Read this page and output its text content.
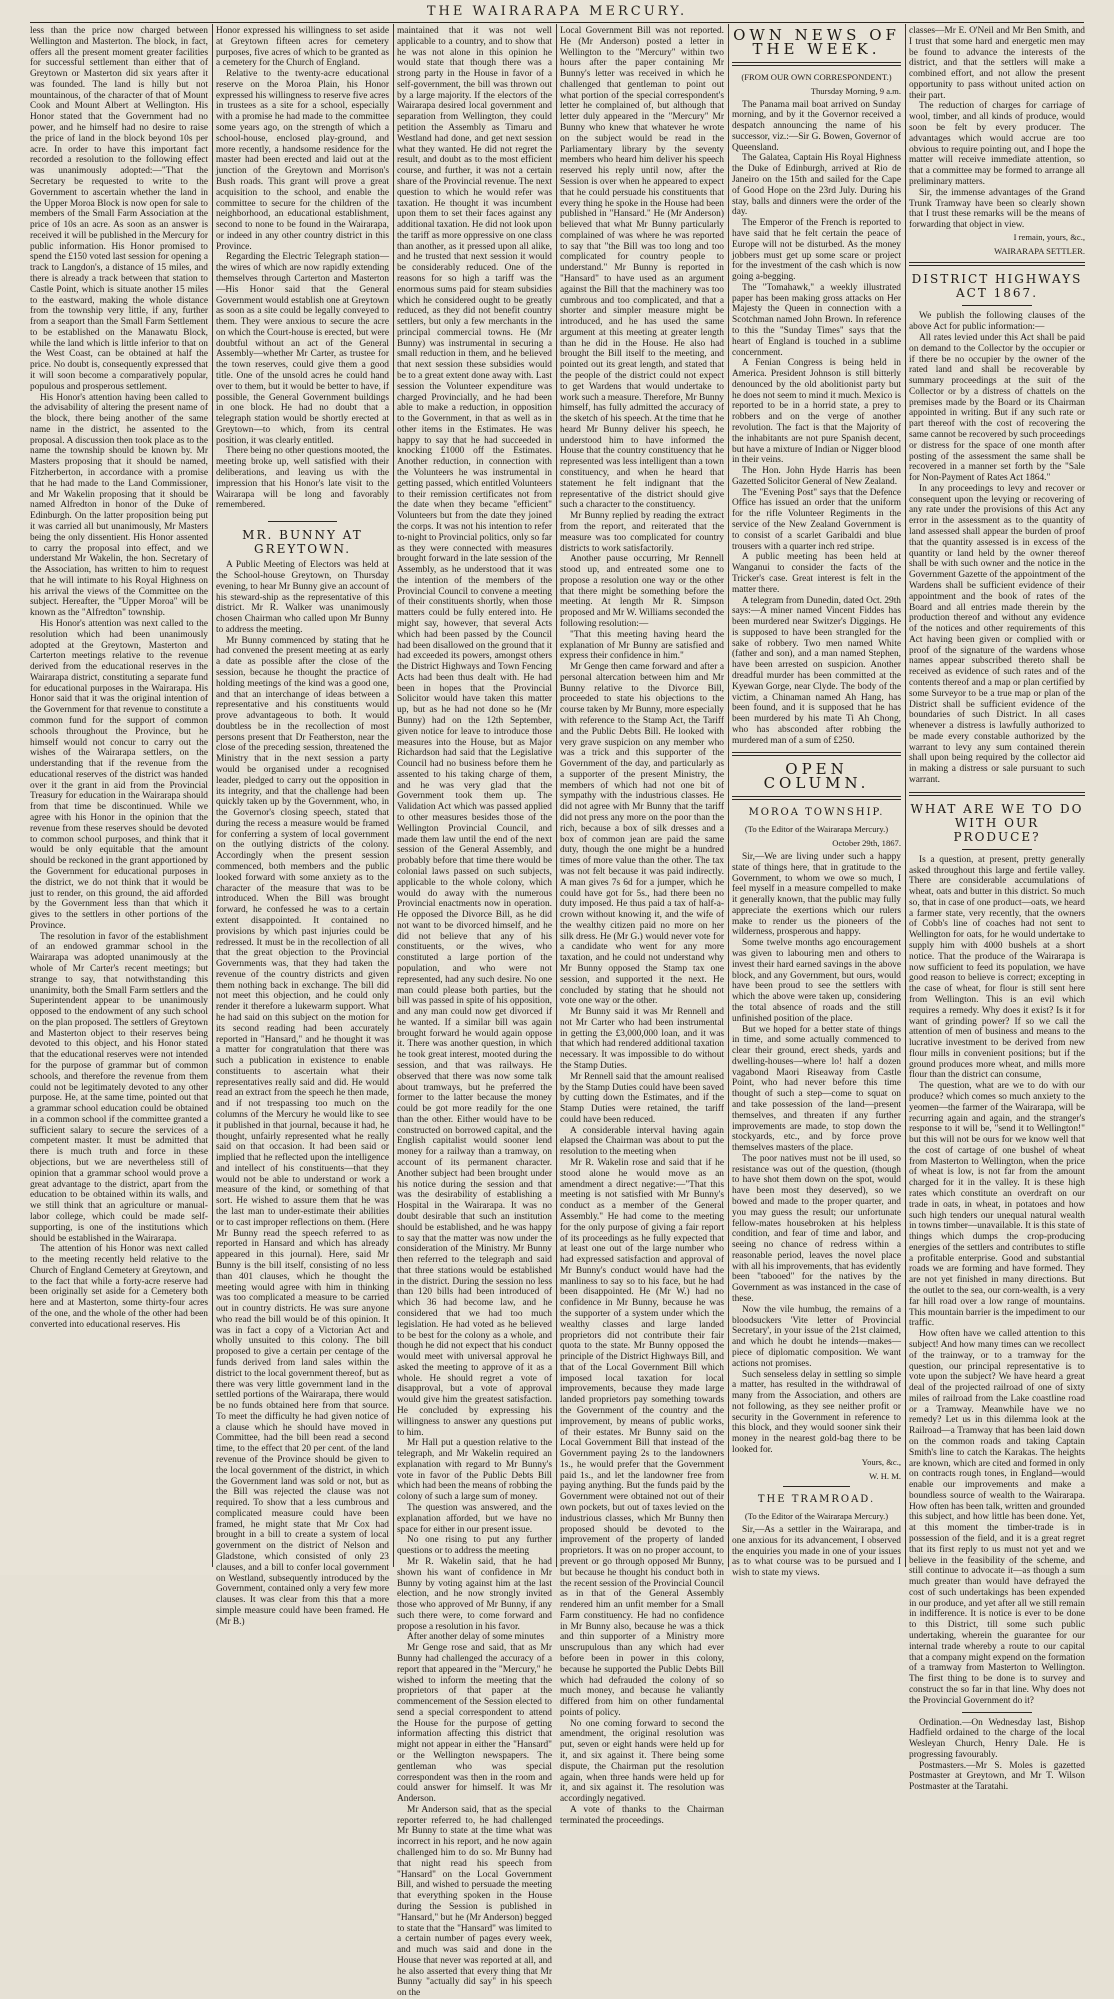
THE WAIRARAPA MERCURY.

less than the price now charged between Wellington and Masterton. The block, in fact, offers all the present moment greater facilities for successful settlement than either that of Greytown or Masterton did six years after it was founded. The land is hilly but not mountainous, of the character of that of Mount Cook and Mount Albert at Wellington. His Honor stated that the Government had no power, and he himself had no desire to raise the price of land in the block beyond 10s per acre. In order to have this important fact recorded a resolution to the following effect was unanimously adopted:—"That the Secretary be requested to write to the Government to ascertain whether the land in the Upper Moroa Block is now open for sale to members of the Small Farm Association at the price of 10s an acre. As soon as an answer is received it will be published in the Mercury for public information. His Honor promised to spend the £150 voted last session for opening a track to Langdon's, a distance of 15 miles, and there is already a track between that station to Castle Point, which is situate another 15 miles to the eastward, making the whole distance from the township very little, if any, further from a seaport than the Small Farm Settlement to be established on the Manawatu Block, while the land which is little inferior to that on the West Coast, can be obtained at half the price. No doubt is, consequently expressed that it will soon become a comparatively popular, populous and prosperous settlement.

His Honor's attention having been called to the advisability of altering the present name of the block, there being another of the same name in the district, he assented to the proposal. A discussion then took place as to the name the township should be known by. Mr Masters proposing that it should be named, Fitzherberton, in accordance with a promise that he had made to the Land Commissioner, and Mr Wakelin proposing that it should be named Alfredton in honor of the Duke of Edinburgh. On the latter proposition being put it was carried all but unanimously, Mr Masters being the only dissentient. His Honor assented to carry the proposal into effect, and we understand Mr Wakelin, the hon. Secretary of the Association, has written to him to request that he will intimate to his Royal Highness on his arrival the views of the Committee on the subject. Hereafter, the "Upper Moroa" will be known as the "Alfredton" township.

His Honor's attention was next called to the resolution which had been unanimously adopted at the Greytown, Masterton and Carterton meetings relative to the revenue derived from the educational reserves in the Wairarapa district, constituting a separate fund for educational purposes in the Wairarapa. His Honor said that it was the original intention of the Government for that revenue to constitute a common fund for the support of common schools throughout the Province, but he himself would not concur to carry out the wishes of the Wairarapa settlers, on the understanding that if the revenue from the educational reserves of the district was handed over it the grant in aid from the Provincial Treasury for education in the Wairarapa should from that time be discontinued. While we agree with his Honor in the opinion that the revenue from these reserves should be devoted to common school purposes, and think that it would be only equitable that the amount should be reckoned in the grant apportioned by the Government for educational purposes in the district, we do not think that it would be just to render, on this ground, the aid afforded by the Government less than that which it gives to the settlers in other portions of the Province.

The resolution in favor of the establishment of an endowed grammar school in the Wairarapa was adopted unanimously at the whole of Mr Carter's recent meetings; but strange to say, that notwithstanding this unanimity, both the Small Farm settlers and the Superintendent appear to be unanimously opposed to the endowment of any such school on the plan proposed. The settlers of Greytown and Masterton object to their reserves being devoted to this object, and his Honor stated that the educational reserves were not intended for the purpose of grammar but of common schools, and therefore the revenue from them could not be legitimately devoted to any other purpose. He, at the same time, pointed out that a grammar school education could be obtained in a common school if the committee granted a sufficient salary to secure the services of a competent master. It must be admitted that there is much truth and force in these objections, but we are nevertheless still of opinion that a grammar school would prove a great advantage to the district, apart from the education to be obtained within its walls, and we still think that an agriculture or manual-labor college, which could be made self-supporting, is one of the institutions which should be established in the Wairarapa.

The attention of his Honor was next called to the meeting recently held relative to the Church of England Cemetery at Greytown, and to the fact that while a forty-acre reserve had been originally set aside for a Cemetery both here and at Masterton, some thirty-four acres of the one, and the whole of the other had been converted into educational reserves. His

Honor expressed his willingness to set aside at Greytown fifteen acres for cemetery purposes, five acres of which to be granted as a cemetery for the Church of England.

Relative to the twenty-acre educational reserve on the Moroa Plain, his Honor expressed his willingness to reserve five acres in trustees as a site for a school, especially with a promise he had made to the committee some years ago, on the strength of which a school-house, enclosed play-ground, and more recently, a handsome residence for the master had been erected and laid out at the junction of the Greytown and Morrison's Bush roads. This grant will prove a great acquisition to the school, and enable the committee to secure for the children of the neighborhood, an educational establishment, second to none to be found in the Wairarapa, or indeed in any other country district in this Province.

Regarding the Electric Telegraph station—the wires of which are now rapidly extending themselves through Carterton and Masterton—His Honor said that the General Government would establish one at Greytown as soon as a site could be legally conveyed to them. They were anxious to secure the acre on which the Court-house is erected, but were doubtful without an act of the General Assembly—whether Mr Carter, as trustee for the town reserves, could give them a good title. One of the unsold acres he could hand over to them, but it would be better to have, if possible, the General Government buildings in one block. He had no doubt that a telegraph station would be shortly erected at Greytown—to which, from its central position, it was clearly entitled.

There being no other questions mooted, the meeting broke up, well satisfied with their deliberations, and leaving us with the impression that his Honor's late visit to the Wairarapa will be long and favorably remembered.

MR. BUNNY AT GREYTOWN.

A Public Meeting of Electors was held at the School-house Greytown, on Thursday evening, to hear Mr Bunny give an account of his steward-ship as the representative of this district. Mr R. Walker was unanimously chosen Chairman who called upon Mr Bunny to address the meeting.

Mr Bunny commenced by stating that he had convened the present meeting at as early a date as possible after the close of the session, because he thought the practice of holding meetings of the kind was a good one, and that an interchange of ideas between a representative and his constituents would prove advantageous to both. It would doubtless be in the recollection of most persons present that Dr Featherston, near the close of the preceding session, threatened the Ministry that in the next session a party would be organised under a recognised leader, pledged to carry out the opposition in its integrity, and that the challenge had been quickly taken up by the Government, who, in the Governor's closing speech, stated that during the recess a measure would be framed for conferring a system of local government on the outlying districts of the colony. Accordingly when the present session commenced, both members and the public looked forward with some anxiety as to the character of the measure that was to be introduced. When the Bill was brought forward, he confessed he was to a certain extent disappointed. It contained no provisions by which past injuries could be redressed. It must be in the recollection of all that the great objection to the Provincial Governments was, that they had taken the revenue of the country districts and given them nothing back in exchange. The bill did not meet this objection, and he could only render it therefore a lukewarm support. What he had said on this subject on the motion for its second reading had been accurately reported in "Hansard," and he thought it was a matter for congratulation that there was such a publication in existence to enable constituents to ascertain what their representatives really said and did. He would read an extract from the speech he then made, and if not trespassing too much on the columns of the Mercury he would like to see it published in that journal, because it had, he thought, unfairly represented what he really said on that occasion. It had been said or implied that he reflected upon the intelligence and intellect of his constituents—that they would not be able to understand or work a measure of the kind, or something of that sort. He wished to assure them that he was the last man to under-estimate their abilities or to cast improper reflections on them. (Here Mr Bunny read the speech referred to as reported in Hansard and which has already appeared in this journal). Here, said Mr Bunny is the bill itself, consisting of no less than 401 clauses, which he thought the meeting would agree with him in thinking was too complicated a measure to be carried out in country districts. He was sure anyone who read the bill would be of this opinion. It was in fact a copy of a Victorian Act and wholly unsuited to this colony. The bill proposed to give a certain per centage of the funds derived from land sales within the district to the local government thereof, but as there was very little government land in the settled portions of the Wairarapa, there would be no funds obtained here from that source. To meet the difficulty he had given notice of a clause which he should have moved in Committee, had the bill been read a second time, to the effect that 20 per cent. of the land revenue of the Province should be given to the local government of the district, in which the Government land was sold or not, but as the Bill was rejected the clause was not required. To show that a less cumbrous and complicated measure could have been framed, he might state that Mr Cox had brought in a bill to create a system of local government on the district of Nelson and Gladstone, which consisted of only 23 clauses, and a bill to confer local government on Westland, subsequently introduced by the Government, contained only a very few more clauses. It was clear from this that a more simple measure could have been framed. He (Mr B.)

maintained that it was not well applicable to a country, and to show that he was not alone in this opinion he would state that though there was a strong party in the House in favor of a self-government, the bill was thrown out by a large majority. If the electors of the Wairarapa desired local government and separation from Wellington, they could petition the Assembly as Timaru and Westland had done, and get next session what they wanted. He did not regret the result, and doubt as to the most efficient course, and further, it was not a certain share of the Provincial revenue. The next question to which he would refer was taxation. He thought it was incumbent upon them to set their faces against any additional taxation. He did not look upon the tariff as more oppressive on one class than another, as it pressed upon all alike, and he trusted that next session it would be considerably reduced. One of the reasons for so high a tariff was the enormous sums paid for steam subsidies which he considered ought to be greatly reduced, as they did not benefit country settlers, but only a few merchants in the principal commercial towns. He (Mr Bunny) was instrumental in securing a small reduction in them, and he believed that next session these subsidies would be to a great extent done away with. Last session the Volunteer expenditure was charged Provincially, and he had been able to make a reduction, in opposition to the Government, in that as well as in other items in the Estimates. He was happy to say that he had succeeded in knocking £1000 off the Estimates. Another reduction, in connection with the Volunteers he was instrumental in getting passed, which entitled Volunteers to their remission certificates not from the date when they became "efficient" Volunteers but from the date they joined the corps. It was not his intention to refer to-night to Provincial politics, only so far as they were connected with measures brought forward in the late session of the Assembly, as he understood that it was the intention of the members of the Provincial Council to convene a meeting of their constituents shortly, when those matters could be fully entered into. He might say, however, that several Acts which had been passed by the Council had been disallowed on the ground that it had exceeded its powers, amongst others the District Highways and Town Fencing Acts had been thus dealt with. He had been in hopes that the Provincial Solicitor would have taken this matter up, but as he had not done so he (Mr Bunny) had on the 12th September, given notice for leave to introduce those measures into the House, but as Major Richardson had said that the Legislative Council had no business before them he assented to his taking charge of them, and he was very glad that the Government took them up. The Validation Act which was passed applied to other measures besides those of the Wellington Provincial Council, and made them law until the end of the next session of the General Assembly, and probably before that time there would be colonial laws passed on such subjects, applicable to the whole colony, which would do away with the numerous Provincial enactments now in operation. He opposed the Divorce Bill, as he did not want to be divorced himself, and he did not believe that any of his constituents, or the wives, who constituted a large portion of the population, and who were not represented, had any such desire. No one man could please both parties, but the bill was passed in spite of his opposition, and any man could now get divorced if he wanted. If a similar bill was again brought forward he would again oppose it. There was another question, in which he took great interest, mooted during the session, and that was railways. He observed that there was now some talk about tramways, but he preferred the former to the latter because the money could be got more readily for the one than the other. Either would have to be constructed on borrowed capital, and the English capitalist would sooner lend money for a railway than a tramway, on account of its permanent character. Another subject had been brought under his notice during the session and that was the desirability of establishing a Hospital in the Wairarapa. It was no doubt desirable that such an institution should be established, and he was happy to say that the matter was now under the consideration of the Ministry. Mr Bunny then referred to the telegraph and said that three stations would be established in the district. During the session no less than 120 bills had been introduced of which 36 had become law, and he considered that we had too much legislation. He had voted as he believed to be best for the colony as a whole, and though he did not expect that his conduct would meet with universal approval he asked the meeting to approve of it as a whole. He should regret a vote of disapproval, but a vote of approval would give him the greatest satisfaction. He concluded by expressing his willingness to answer any questions put to him.

Mr Hall put a question relative to the telegraph, and Mr Wakelin required an explanation with regard to Mr Bunny's vote in favor of the Public Debts Bill which had been the means of robbing the colony of such a large sum of money.

The question was answered, and the explanation afforded, but we have no space for either in our present issue.

No one rising to put any further questions or to address the meeting

Mr R. Wakelin said, that he had shown his want of confidence in Mr Bunny by voting against him at the last election, and he now strongly invited those who approved of Mr Bunny, if any such there were, to come forward and propose a resolution in his favor.

After another delay of some minutes

Mr Genge rose and said, that as Mr Bunny had challenged the accuracy of a report that appeared in the "Mercury," he wished to inform the meeting that the proprietors of that paper at the commencement of the Session elected to send a special correspondent to attend the House for the purpose of getting information affecting this district that might not appear in either the "Hansard" or the Wellington newspapers. The gentleman who was special correspondent was then in the room and could answer for himself. It was Mr Anderson.

Mr Anderson said, that as the special reporter referred to, he had challenged Mr Bunny to state at the time what was incorrect in his report, and he now again challenged him to do so. Mr Bunny had that night read his speech from "Hansard" on the Local Government Bill, and wished to persuade the meeting that everything spoken in the House during the Session is published in "Hansard," but he (Mr Anderson) begged to state that the "Hansard" was limited to a certain number of pages every week, and much was said and done in the House that never was reported at all, and he also asserted that every thing that Mr Bunny "actually did say" in his speech on the

Local Government Bill was not reported. He (Mr Anderson) posted a letter in Wellington to the "Mercury" within two hours after the paper containing Mr Bunny's letter was received in which he challenged that gentleman to point out what portion of the special correspondent's letter he complained of, but although that letter duly appeared in the "Mercury" Mr Bunny who knew that whatever he wrote on the subject would be read in the Parliamentary library by the seventy members who heard him deliver his speech reserved his reply until now, after the Session is over when he appeared to expect that he could persuade his constituents that every thing he spoke in the House had been published in "Hansard." He (Mr Anderson) believed that what Mr Bunny particularly complained of was where he was reported to say that "the Bill was too long and too complicated for country people to understand." Mr Bunny is reported in "Hansard" to have used as an argument against the Bill that the machinery was too cumbrous and too complicated, and that a shorter and simpler measure might be introduced, and he has used the same argument at this meeting at greater length than he did in the House. He also had brought the Bill itself to the meeting, and pointed out its great length, and stated that the people of the district could not expect to get Wardens that would undertake to work such a measure. Therefore, Mr Bunny himself, has fully admitted the accuracy of the sketch of his speech. At the time that he heard Mr Bunny deliver his speech, he understood him to have informed the House that the country constituency that he represented was less intelligent than a town constituency, and when he heard that statement he felt indignant that the representative of the district should give such a character to the constituency.

Mr Bunny replied by reading the extract from the report, and reiterated that the measure was too complicated for country districts to work satisfactorily.

Another pause occurring, Mr Rennell stood up, and entreated some one to propose a resolution one way or the other that there might be something before the meeting. At length Mr R. Simpson proposed and Mr W. Williams seconded the following resolution:—

"That this meeting having heard the explanation of Mr Bunny are satisfied and express their confidence in him."

Mr Genge then came forward and after a personal altercation between him and Mr Bunny relative to the Divorce Bill, proceeded to state his objections to the course taken by Mr Bunny, more especially with reference to the Stamp Act, the Tariff and the Public Debts Bill. He looked with very grave suspicion on any member who was a trick and this supporter of the Government of the day, and particularly as a supporter of the present Ministry, the members of which had not one bit of sympathy with the industrious classes. He did not agree with Mr Bunny that the tariff did not press any more on the poor than the rich, because a box of silk dresses and a box of common jean are paid the same duty, though the one might be a hundred times of more value than the other. The tax was not felt because it was paid indirectly. A man gives 7s 6d for a jumper, which he could have got for 5s., had there been no duty imposed. He thus paid a tax of half-a-crown without knowing it, and the wife of the wealthy citizen paid no more on her silk dress. He (Mr G.) would never vote for a candidate who went for any more taxation, and he could not understand why Mr Bunny opposed the Stamp tax one session, and supported it the next. He concluded by stating that he should not vote one way or the other.

Mr Bunny said it was Mr Rennell and not Mr Carter who had been instrumental in getting the £3,000,000 loan, and it was that which had rendered additional taxation necessary. It was impossible to do without the Stamp Duties.

Mr Rennell said that the amount realised by the Stamp Duties could have been saved by cutting down the Estimates, and if the Stamp Duties were retained, the tariff could have been reduced.

A considerable interval having again elapsed the Chairman was about to put the resolution to the meeting when

Mr R. Wakelin rose and said that if he stood alone he would move as an amendment a direct negative:—"That this meeting is not satisfied with Mr Bunny's conduct as a member of the General Assembly." He had come to the meeting for the only purpose of giving a fair report of its proceedings as he fully expected that at least one out of the large number who had expressed satisfaction and approval of Mr Bunny's conduct would have had the manliness to say so to his face, but he had been disappointed. He (Mr W.) had no confidence in Mr Bunny, because he was the supporter of a system under which the wealthy classes and large landed proprietors did not contribute their fair quota to the state. Mr Bunny opposed the principle of the District Highways Bill, and that of the Local Government Bill which imposed local taxation for local improvements, because they made large landed proprietors pay something towards the Government of the country and the improvement, by means of public works, of their estates. Mr Bunny said on the Local Government Bill that instead of the Government paying 2s to the landowners 1s., he would prefer that the Government paid 1s., and let the landowner free from paying anything. But the funds paid by the Government were obtained not out of their own pockets, but out of taxes levied on the industrious classes, which Mr Bunny then proposed should be devoted to the improvement of the property of landed proprietors. It was on no proper account, to prevent or go through opposed Mr Bunny, but because he thought his conduct both in the recent session of the Provincial Council as in that of the General Assembly rendered him an unfit member for a Small Farm constituency. He had no confidence in Mr Bunny also, because he was a thick and thin supporter of a Ministry more unscrupulous than any which had ever before been in power in this colony, because he supported the Public Debts Bill which had defrauded the colony of so much money, and because he valiantly differed from him on other fundamental points of policy.

No one coming forward to second the amendment, the original resolution was put, seven or eight hands were held up for it, and six against it. There being some dispute, the Chairman put the resolution again, when three hands were held up for it, and six against it. The resolution was accordingly negatived.

A vote of thanks to the Chairman terminated the proceedings.

OWN NEWS OF THE WEEK.
(FROM OUR OWN CORRESPONDENT.)
Thursday Morning, 9 a.m.

The Panama mail boat arrived on Sunday morning, and by it the Governor received a despatch announcing the name of his successor, viz.:—Sir G. Bowen, Governor of Queensland.

The Galatea, Captain His Royal Highness the Duke of Edinburgh, arrived at Rio de Janeiro on the 15th and sailed for the Cape of Good Hope on the 23rd July. During his stay, balls and dinners were the order of the day.

The Emperor of the French is reported to have said that he felt certain the peace of Europe will not be disturbed. As the money jobbers must get up some scare or project for the investment of the cash which is now going a-begging.

The "Tomahawk," a weekly illustrated paper has been making gross attacks on Her Majesty the Queen in connection with a Scotchman named John Brown. In reference to this the "Sunday Times" says that the heart of England is touched in a sublime concernment.

A Fenian Congress is being held in America. President Johnson is still bitterly denounced by the old abolitionist party but he does not seem to mind it much. Mexico is reported to be in a horrid state, a prey to robbers and on the verge of another revolution. The fact is that the Majority of the inhabitants are not pure Spanish decent, but have a mixture of Indian or Nigger blood in their veins.

The Hon. John Hyde Harris has been Gazetted Solicitor General of New Zealand.

The "Evening Post" says that the Defence Office has issued an order that the uniform for the rifle Volunteer Regiments in the service of the New Zealand Government is to consist of a scarlet Garibaldi and blue trousers with a quarter inch red stripe.

A public meeting has been held at Wanganui to consider the facts of the Tricker's case. Great interest is felt in the matter there.

A telegram from Dunedin, dated Oct. 29th says:—A miner named Vincent Fiddes has been murdered near Switzer's Diggings. He is supposed to have been strangled for the sake of robbery. Two men named White (father and son), and a man named Stephen, have been arrested on suspicion. Another dreadful murder has been committed at the Kyewan Gorge, near Clyde. The body of the victim, a Chinaman named Ah Hang, has been found, and it is supposed that he has been murdered by his mate Ti Ah Chong, who has absconded after robbing the murdered man of a sum of £250.

OPEN COLUMN.
MOROA TOWNSHIP.
(To the Editor of the Wairarapa Mercury.)
October 29th, 1867.

Sir,—We are living under such a happy state of things here, that in gratitude to the Government, to whom we owe so much, I feel myself in a measure compelled to make it generally known, that the public may fully appreciate the exertions which our rulers make to render us the pioneers of the wilderness, prosperous and happy.

Some twelve months ago encouragement was given to labouring men and others to invest their hard earned savings in the above block, and any Government, but ours, would have been proud to see the settlers with which the above were taken up, considering the total absence of roads and the still unfinished position of the place.

But we hoped for a better state of things in time, and some actually commenced to clear their ground, erect sheds, yards and dwelling-houses—where lo! half a dozen vagabond Maori Riseaway from Castle Point, who had never before this time thought of such a step—come to squat on and take possession of the land—present themselves, and threaten if any further improvements are made, to stop down the stockyards, etc., and by force prove themselves masters of the place.

The poor natives must not be ill used, so resistance was out of the question, (though to have shot them down on the spot, would have been most they deserved), so we bowed and made to the proper quarter, and you may guess the result; our unfortunate fellow-mates housebroken at his helpless condition, and fear of time and labor, and seeing no chance of redress within a reasonable period, leaves the novel place with all his improvements, that has evidently been "tabooed" for the natives by the Government as was instanced in the case of these.

Now the vile humbug, the remains of a bloodsuckers 'Vite letter of Provincial Secretary', in your issue of the 21st claimed, and which he doubt he intends—makes—piece of diplomatic composition. We want actions not promises.

Such senseless delay in settling so simple a matter, has resulted in the withdrawal of many from the Association, and others are not following, as they see neither profit or security in the Government in reference to this block, and they would sooner sink their money in the nearest gold-bag there to be looked for.

Yours, &c.,
W. H. M.
THE TRAMROAD.
(To the Editor of the Wairarapa Mercury.)

Sir,—As a settler in the Wairarapa, and one anxious for its advancement, I observed the enquiries you made in one of your issues as to what course was to be pursued and I wish to state my views.

classes—Mr E. O'Neil and Mr Ben Smith, and I trust that some hard and energetic men may be found to advance the interests of the district, and that the settlers will make a combined effort, and not allow the present opportunity to pass without united action on their part.

The reduction of charges for carriage of wool, timber, and all kinds of produce, would soon be felt by every producer. The advantages which would accrue are too obvious to require pointing out, and I hope the matter will receive immediate attention, so that a committee may be formed to arrange all preliminary matters.

Sir, the immense advantages of the Grand Trunk Tramway have been so clearly shown that I trust these remarks will be the means of forwarding that object in view.

I remain, yours, &c.,
WAIRARAPA SETTLER.
DISTRICT HIGHWAYS ACT 1867.

We publish the following clauses of the above Act for public information:—

All rates levied under this Act shall be paid on demand to the Collector by the occupier or if there be no occupier by the owner of the rated land and shall be recoverable by summary proceedings at the suit of the Collector or by a distress of chattels on the premises made by the Board or its Chairman appointed in writing. But if any such rate or part thereof with the cost of recovering the same cannot be recovered by such proceedings or distress for the space of one month after posting of the assessment the same shall be recovered in a manner set forth by the "Sale for Non-Payment of Rates Act 1864."

In any proceedings to levy and recover or consequent upon the levying or recovering of any rate under the provisions of this Act any error in the assessment as to the quantity of land assessed shall appear the burden of proof that the quantity assessed is in excess of the quantity or land held by the owner thereof shall be with such owner and the notice in the Government Gazette of the appointment of the Wardens shall be sufficient evidence of their appointment and the book of rates of the Board and all entries made therein by the production thereof and without any evidence of the notices and other requirements of this Act having been given or complied with or proof of the signature of the wardens whose names appear subscribed thereto shall be received as evidence of such rates and of the contents thereof and a map or plan certified by some Surveyor to be a true map or plan of the District shall be sufficient evidence of the boundaries of such District. In all cases whenever a distress is lawfully authorized to be made every constable authorized by the warrant to levy any sum contained therein shall upon being required by the collector aid in making a distress or sale pursuant to such warrant.

WHAT ARE WE TO DO WITH OUR PRODUCE?

Is a question, at present, pretty generally asked throughout this large and fertile valley. There are considerable accumulations of wheat, oats and butter in this district. So much so, that in case of one product—oats, we heard a farmer state, very recently, that the owners of Cobb's line of coaches had not sent to Wellington for oats, for he would undertake to supply him with 4000 bushels at a short notice. That the produce of the Wairarapa is now sufficient to feed its population, we have good reason to believe is correct; excepting in the case of wheat, for flour is still sent here from Wellington. This is an evil which requires a remedy. Why does it exist? Is it for want of grinding power? If so we call the attention of men of business and means to the lucrative investment to be derived from new flour mills in convenient positions; but if the ground produces more wheat, and mills more flour than the district can consume,

The question, what are we to do with our produce? which comes so much anxiety to the yeomen—the farmer of the Wairarapa, will be recurring again and again, and the stranger's response to it will be, "send it to Wellington!" but this will not be ours for we know well that the cost of cartage of one bushel of wheat from Masterton to Wellington, when the price of wheat is low, is not far from the amount charged for it in the valley. It is these high rates which constitute an overdraft on our trade in oats, in wheat, in potatoes and how such high tenders our unequal natural wealth in towns timber—unavailable. It is this state of things which dumps the crop-producing energies of the settlers and contributes to stifle a profitable enterprise. Good and substantial roads we are forming and have formed. They are not yet finished in many directions. But the outlet to the sea, our corn-wealth, is a very far hill road over a low range of mountains. This mountain barrier is the impediment to our traffic.

How often have we called attention to this subject! And how many times can we recollect of the trainway, or to a tramway for the question, our principal representative is to vote upon the subject? We have heard a great deal of the projected railroad of one of sixty miles of railroad from the Lake coastline road or a Tramway. Meanwhile have we no remedy? Let us in this dilemma look at the Railroad—a Tramway that has been laid down on the common roads and taking Captain Smith's line to catch the Karakas. The heights are known, which are cited and formed in only on contracts rough tones, in England—would enable our improvements and make a boundless source of wealth to the Wairarapa. How often has been talk, written and grounded this subject, and how little has been done. Yet, at this moment the timber-trade is in possession of the field, and it is a great regret that its first reply to us must not yet and we believe in the feasibility of the scheme, and still continue to advocate it—as though a sum much greater than would have defrayed the cost of such undertakings has been expended in our produce, and yet after all we still remain in indifference. It is notice is ever to be done to this District, till some such public undertaking, wherein the guarantee for our internal trade whereby a route to our capital that a company might expend on the formation of a tramway from Masterton to Wellington. The first thing to be done is to survey and construct the so far in that line. Why does not the Provincial Government do it?

Ordination.—On Wednesday last, Bishop Hadfield ordained to the charge of the local Wesleyan Church, Henry Dale. He is progressing favourably.

Postmasters.—Mr S. Moles is gazetted Postmaster at Greytown, and Mr T. Wilson Postmaster at the Taratahi.
